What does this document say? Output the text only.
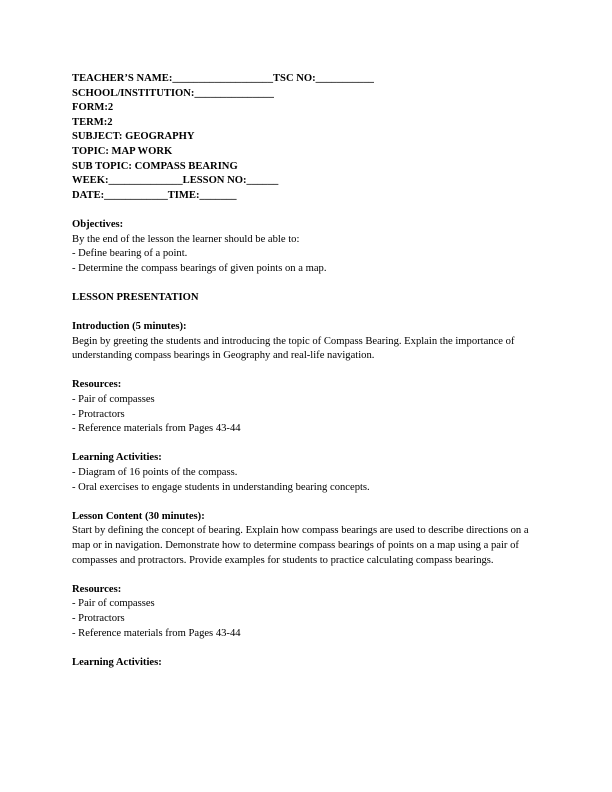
TEACHER’S NAME:___________________TSC NO:___________
SCHOOL/INSTITUTION:_______________
FORM:2
TERM:2
SUBJECT: GEOGRAPHY
TOPIC: MAP WORK
SUB TOPIC: COMPASS BEARING
WEEK:______________LESSON NO:______
DATE:____________TIME:_______
Objectives:
By the end of the lesson the learner should be able to:
- Define bearing of a point.
- Determine the compass bearings of given points on a map.
LESSON PRESENTATION
Introduction (5 minutes):
Begin by greeting the students and introducing the topic of Compass Bearing. Explain the importance of understanding compass bearings in Geography and real-life navigation.
Resources:
- Pair of compasses
- Protractors
- Reference materials from Pages 43-44
Learning Activities:
- Diagram of 16 points of the compass.
- Oral exercises to engage students in understanding bearing concepts.
Lesson Content (30 minutes):
Start by defining the concept of bearing. Explain how compass bearings are used to describe directions on a map or in navigation. Demonstrate how to determine compass bearings of points on a map using a pair of compasses and protractors. Provide examples for students to practice calculating compass bearings.
Resources:
- Pair of compasses
- Protractors
- Reference materials from Pages 43-44
Learning Activities:
